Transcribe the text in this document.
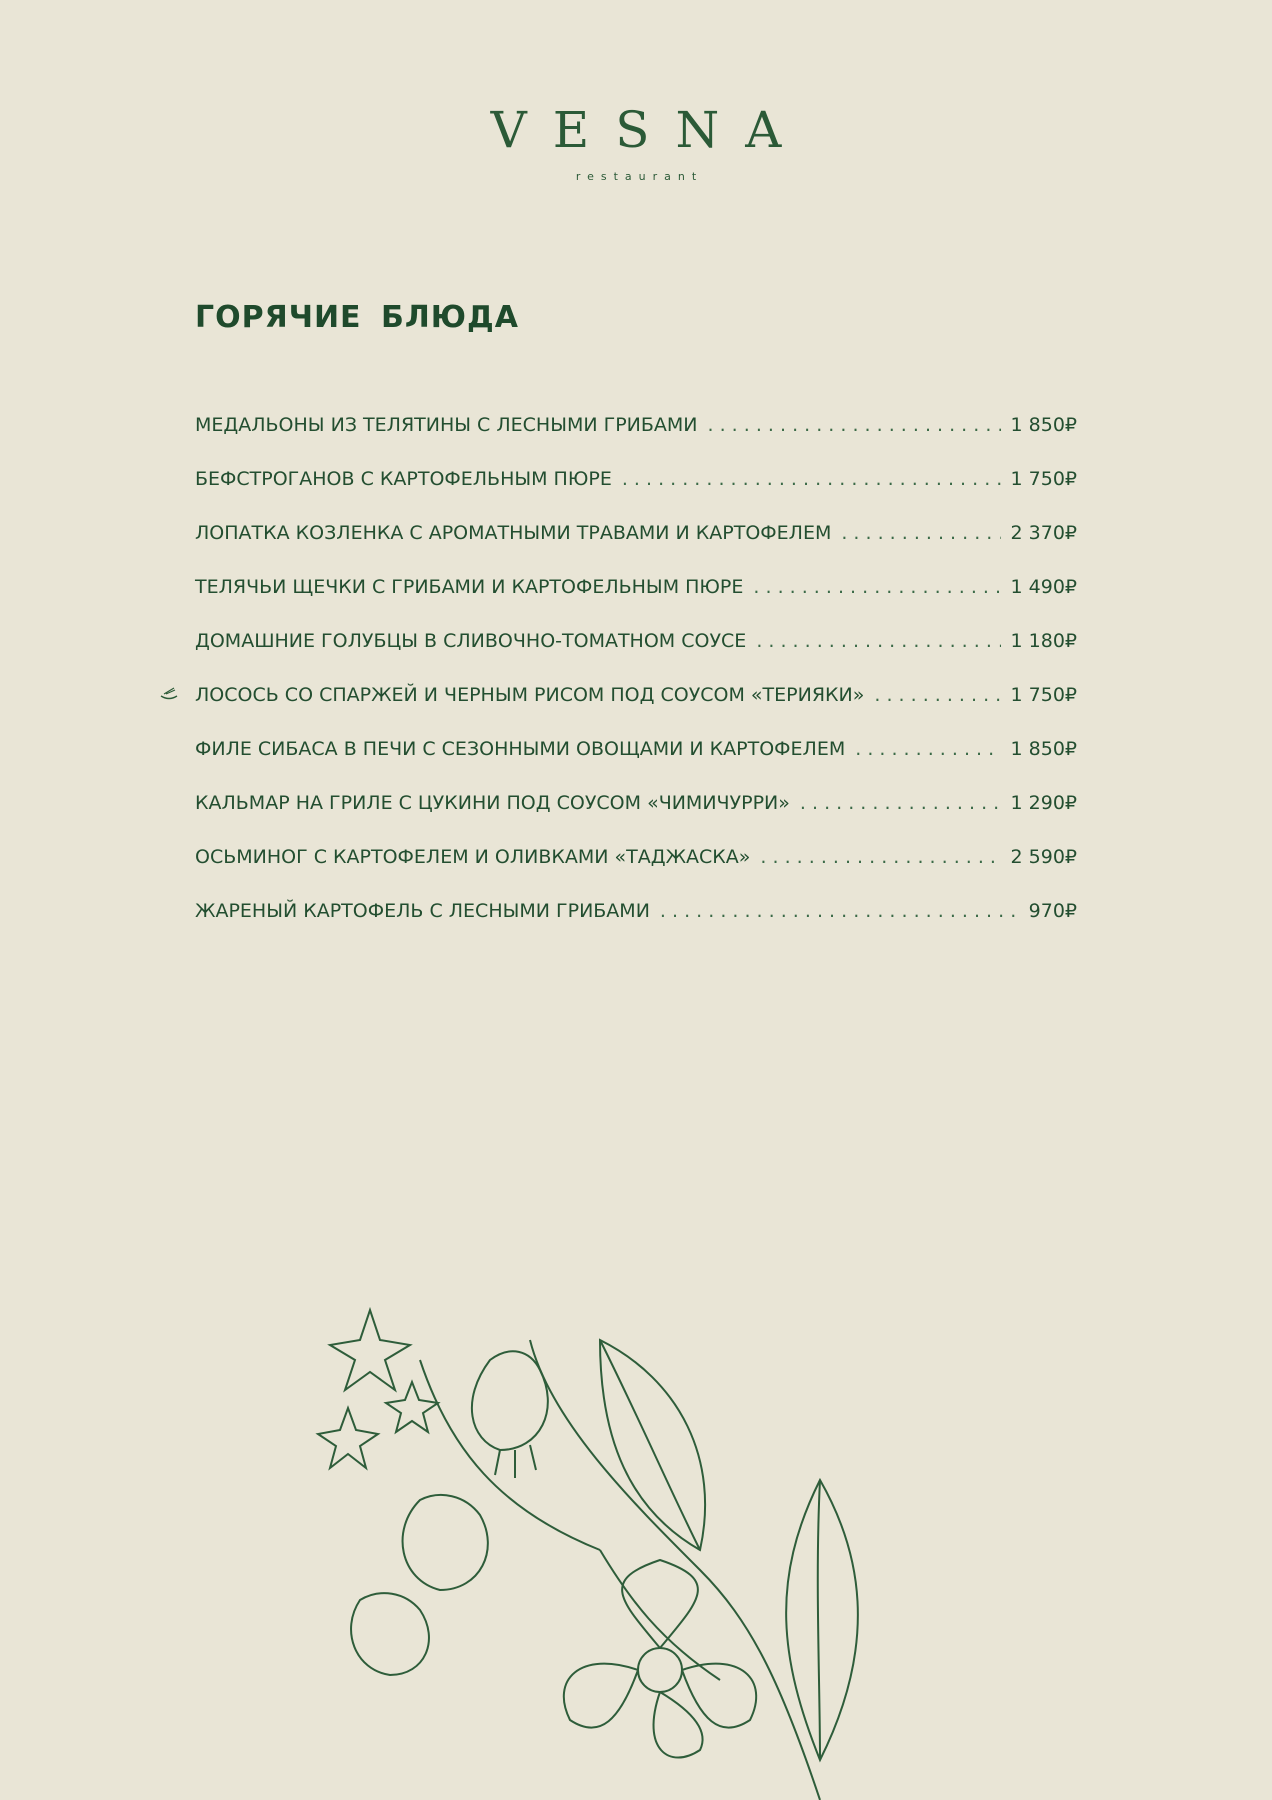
VESNA
restaurant
ГОРЯЧИЕ БЛЮДА
МЕДАЛЬОНЫ ИЗ ТЕЛЯТИНЫ С ЛЕСНЫМИ ГРИБАМИ . . .	1 850₽
БЕФСТРОГАНОВ С КАРТОФЕЛЬНЫМ ПЮРЕ . . .	1 750₽
ЛОПАТКА КОЗЛЕНКА С АРОМАТНЫМИ ТРАВАМИ И КАРТОФЕЛЕМ . . .	2 370₽
ТЕЛЯЧЬИ ЩЕЧКИ С ГРИБАМИ И КАРТОФЕЛЬНЫМ ПЮРЕ . . .	1 490₽
ДОМАШНИЕ ГОЛУБЦЫ В СЛИВОЧНО-ТОМАТНОМ СОУСЕ . . .	1 180₽
ЛОСОСЬ СО СПАРЖЕЙ И ЧЕРНЫМ РИСОМ ПОД СОУСОМ «ТЕРИЯКИ» . . .	1 750₽
ФИЛЕ СИБАСА В ПЕЧИ С СЕЗОННЫМИ ОВОЩАМИ И КАРТОФЕЛЕМ . . .	1 850₽
КАЛЬМАР НА ГРИЛЕ С ЦУКИНИ ПОД СОУСОМ «ЧИМИЧУРРИ» . . .	1 290₽
ОСЬМИНОГ С КАРТОФЕЛЕМ И ОЛИВКАМИ «ТАДЖАСКА» . . .	2 590₽
ЖАРЕНЫЙ КАРТОФЕЛЬ С ЛЕСНЫМИ ГРИБАМИ . . .	970₽
